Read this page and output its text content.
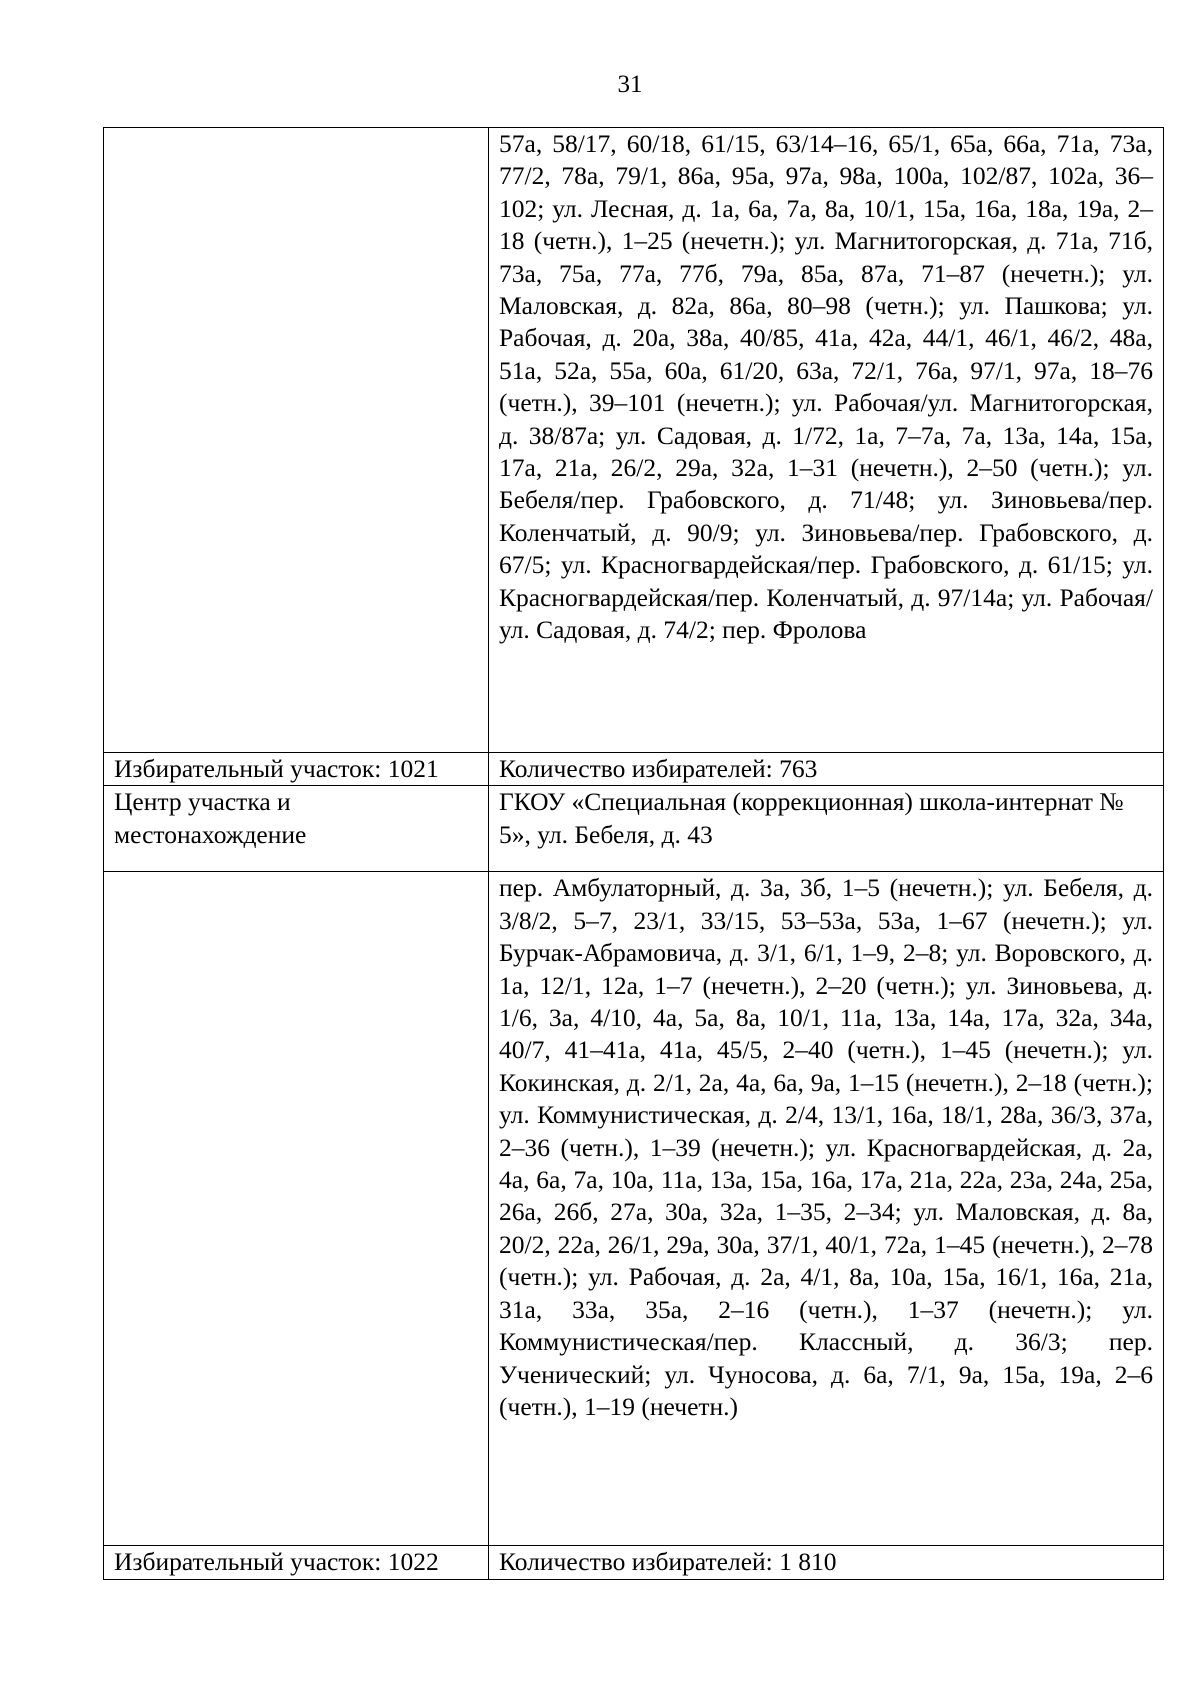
31

	57а, 58/17, 60/18, 61/15, 63/14–16, 65/1, 65а, 66а, 71а, 73а, 77/2, 78а, 79/1, 86а, 95а, 97а, 98а, 100а, 102/87, 102а, 36–102; ул. Лесная, д. 1а, 6а, 7а, 8а, 10/1, 15а, 16а, 18а, 19а, 2–18 (четн.), 1–25 (нечетн.); ул. Магнитогорская, д. 71а, 71б, 73а, 75а, 77а, 77б, 79а, 85а, 87а, 71–87 (нечетн.); ул. Маловская, д. 82а, 86а, 80–98 (четн.); ул. Пашкова; ул. Рабочая, д. 20а, 38а, 40/85, 41а, 42а, 44/1, 46/1, 46/2, 48а, 51а, 52а, 55а, 60а, 61/20, 63а, 72/1, 76а, 97/1, 97а, 18–76 (четн.), 39–101 (нечетн.); ул. Рабочая/ул. Магнитогорская, д. 38/87а; ул. Садовая, д. 1/72, 1а, 7–7а, 7а, 13а, 14а, 15а, 17а, 21а, 26/2, 29а, 32а, 1–31 (нечетн.), 2–50 (четн.); ул. Бебеля/пер. Грабовского, д. 71/48; ул. Зиновьева/пер. Коленчатый, д. 90/9; ул. Зиновьева/пер. Грабовского, д. 67/5; ул. Красногвардейская/пер. Грабовского, д. 61/15; ул. Красногвардейская/пер. Коленчатый, д. 97/14а; ул. Рабочая/ул. Садовая, д. 74/2; пер. Фролова

Избирательный участок: 1021	Количество избирателей: 763
Центр участка и местонахождение	ГКОУ «Специальная (коррекционная) школа-интернат № 5», ул. Бебеля, д. 43

	пер. Амбулаторный, д. 3а, 3б, 1–5 (нечетн.); ул. Бебеля, д. 3/8/2, 5–7, 23/1, 33/15, 53–53а, 53а, 1–67 (нечетн.); ул. Бурчак-Абрамовича, д. 3/1, 6/1, 1–9, 2–8; ул. Воровского, д. 1а, 12/1, 12а, 1–7 (нечетн.), 2–20 (четн.); ул. Зиновьева, д. 1/6, 3а, 4/10, 4а, 5а, 8а, 10/1, 11а, 13а, 14а, 17а, 32а, 34а, 40/7, 41–41а, 41а, 45/5, 2–40 (четн.), 1–45 (нечетн.); ул. Кокинская, д. 2/1, 2а, 4а, 6а, 9а, 1–15 (нечетн.), 2–18 (четн.); ул. Коммунистическая, д. 2/4, 13/1, 16а, 18/1, 28а, 36/3, 37а, 2–36 (четн.), 1–39 (нечетн.); ул. Красногвардейская, д. 2а, 4а, 6а, 7а, 10а, 11а, 13а, 15а, 16а, 17а, 21а, 22а, 23а, 24а, 25а, 26а, 26б, 27а, 30а, 32а, 1–35, 2–34; ул. Маловская, д. 8а, 20/2, 22а, 26/1, 29а, 30а, 37/1, 40/1, 72а, 1–45 (нечетн.), 2–78 (четн.); ул. Рабочая, д. 2а, 4/1, 8а, 10а, 15а, 16/1, 16а, 21а, 31а, 33а, 35а, 2–16 (четн.), 1–37 (нечетн.); ул. Коммунистическая/пер. Классный, д. 36/3; пер. Ученический; ул. Чуносова, д. 6а, 7/1, 9а, 15а, 19а, 2–6 (четн.), 1–19 (нечетн.)

Избирательный участок: 1022	Количество избирателей: 1 810
